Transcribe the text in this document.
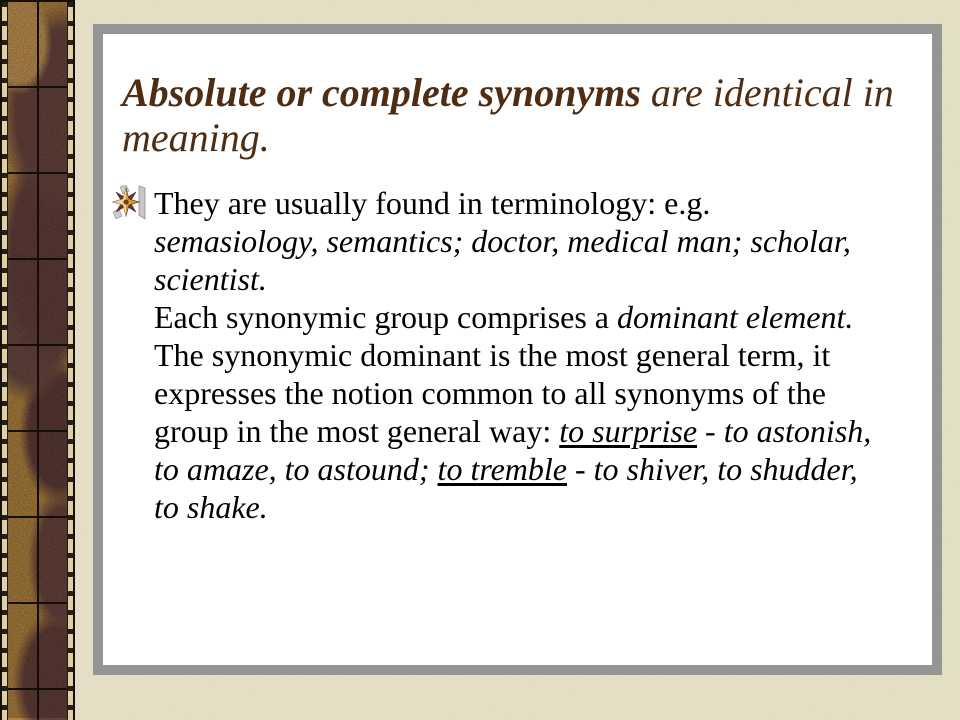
Absolute or complete synonyms are identical in meaning.

They are usually found in terminology: e.g. semasiology, semantics; doctor, medical man; scholar, scientist.
Each synonymic group comprises a dominant element. The synonymic dominant is the most general term, it expresses the notion common to all synonyms of the group in the most general way: to surprise - to astonish, to amaze, to astound; to tremble - to shiver, to shudder, to shake.
